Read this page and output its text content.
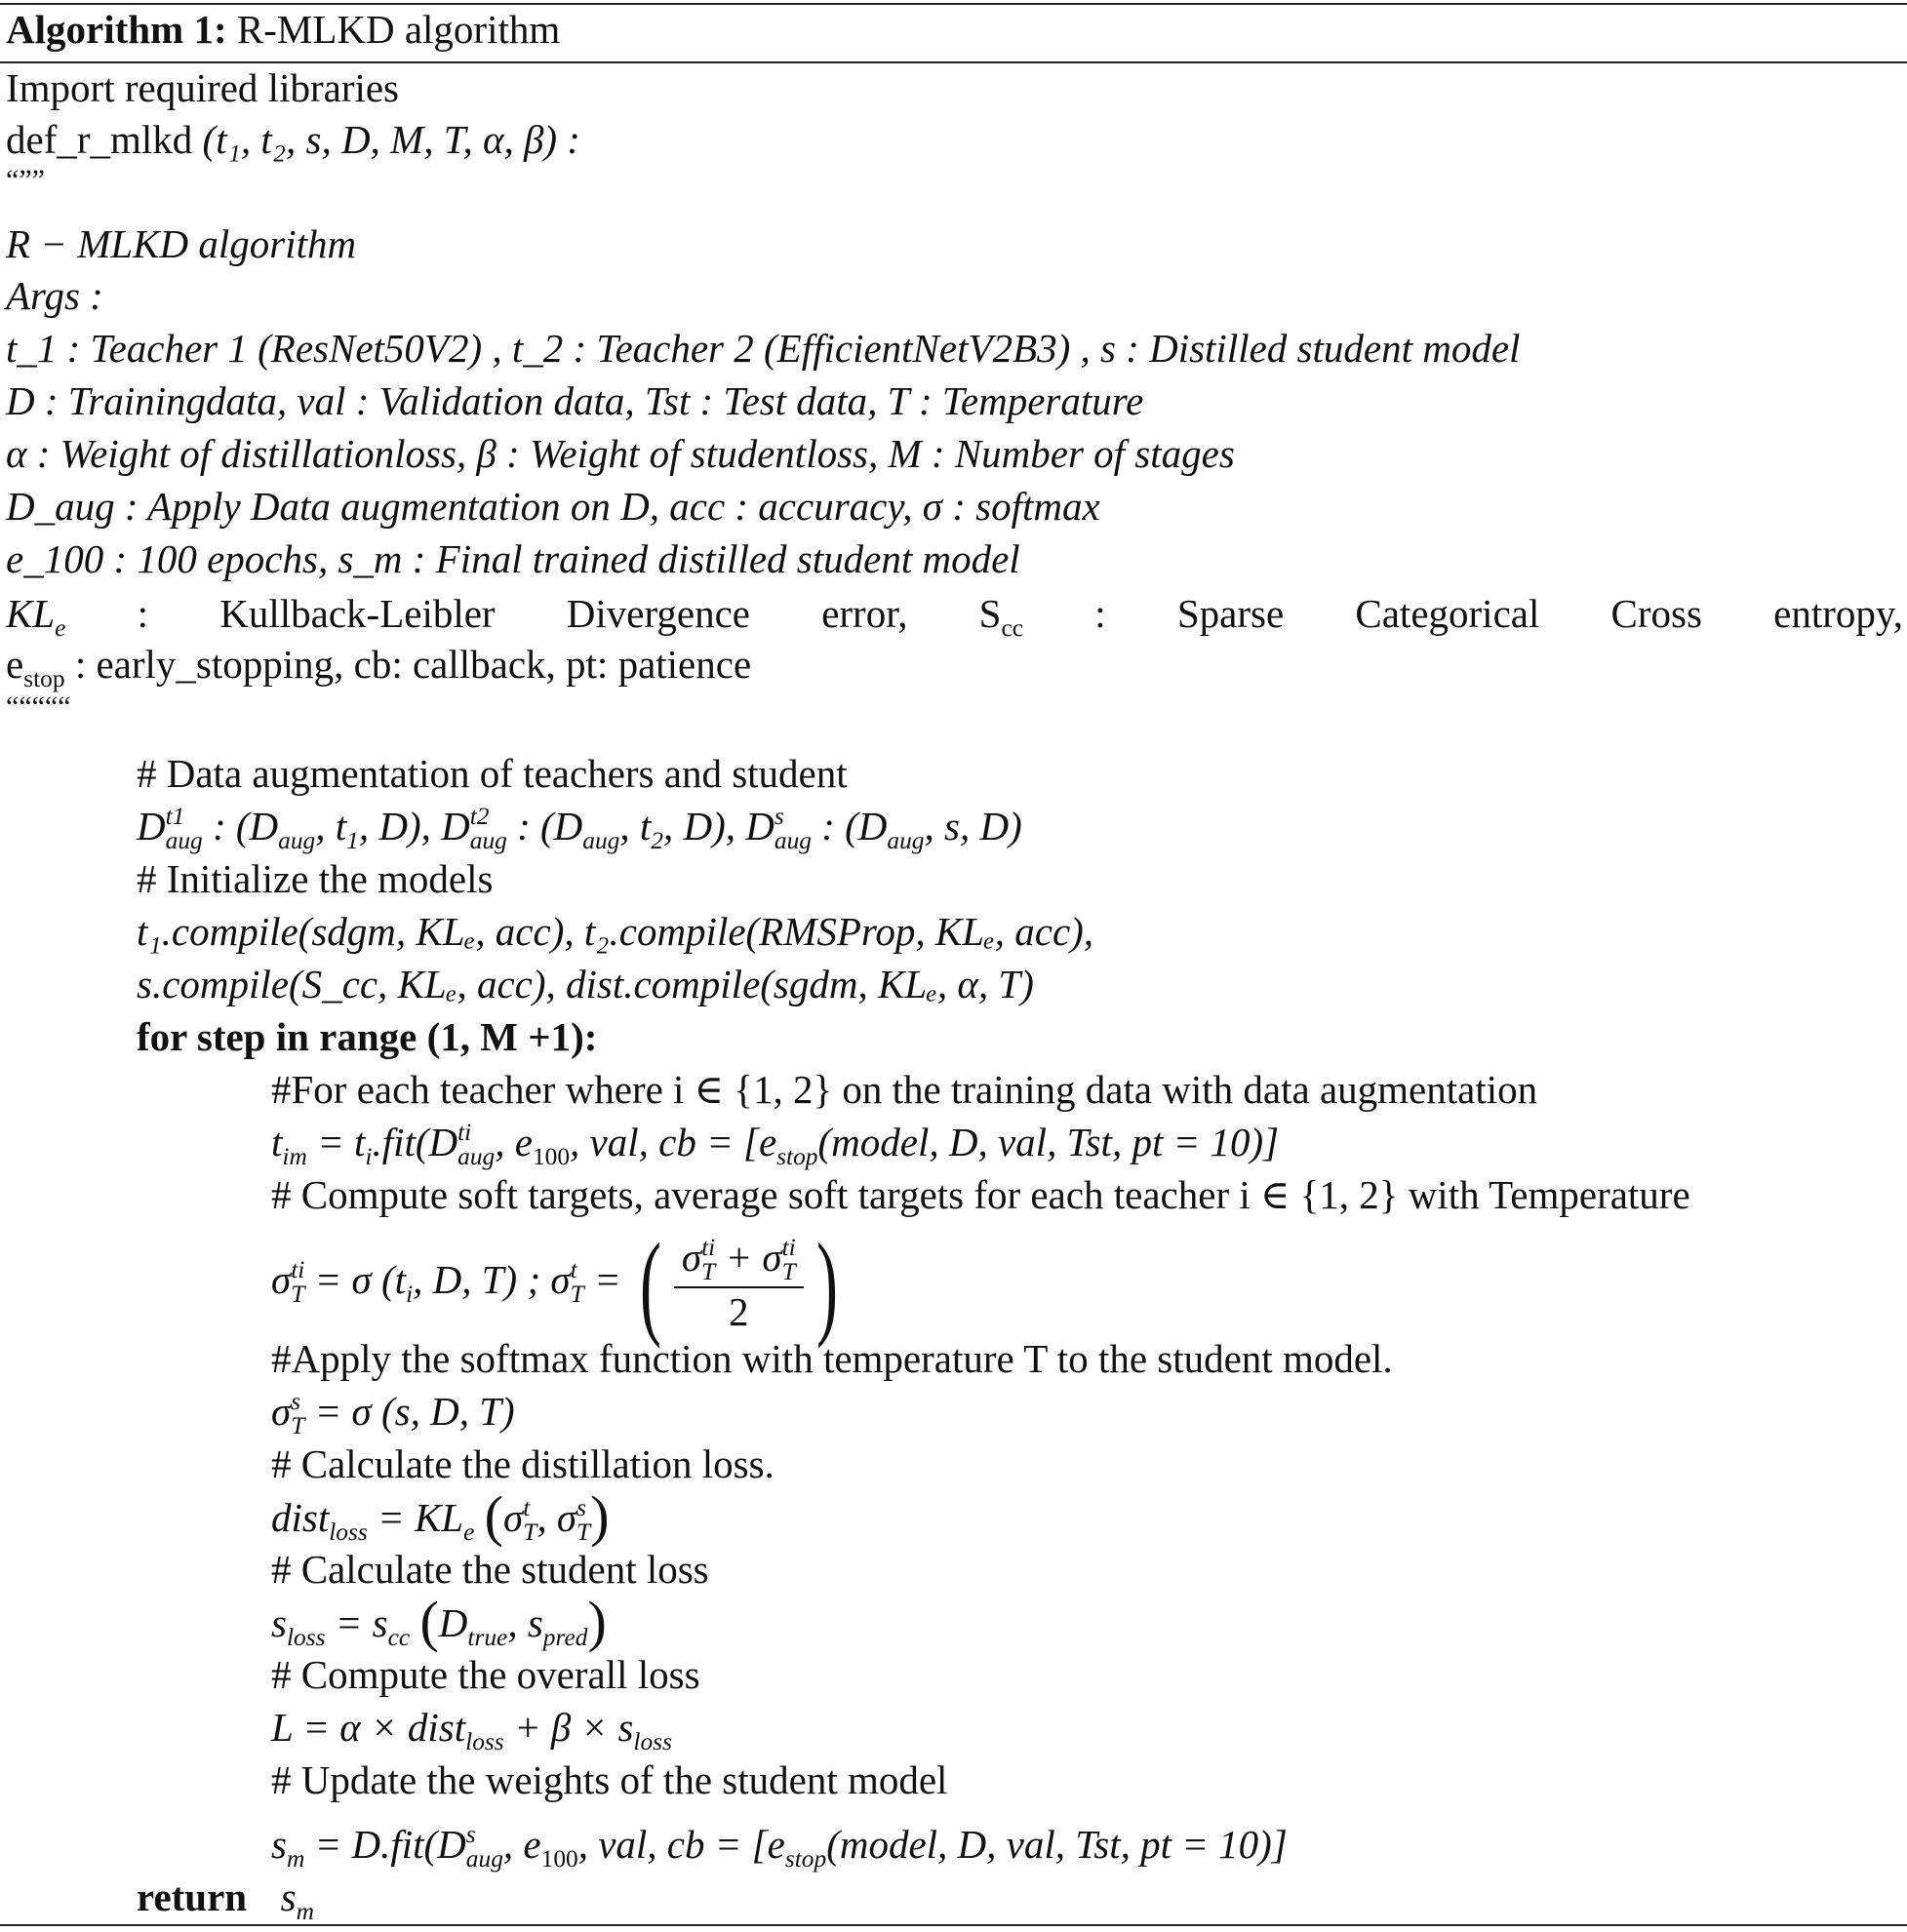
Algorithm 1: R-MLKD algorithm
Import required libraries
def_r_mlkd (t₁, t₂, s, D, M, T, α, β) :
“””
R − MLKD algorithm
Args :
t_1 : Teacher 1 (ResNet50V2) , t_2 : Teacher 2 (EfficientNetV2B3) , s : Distilled student model
D : Trainingdata, val : Validation data, Tst : Test data, T : Temperature
α : Weight of distillationloss, β : Weight of studentloss, M : Number of stages
D_aug : Apply Data augmentation on D, acc : accuracy, σ : softmax
e_100 : 100 epochs, s_m : Final trained distilled student model
$KL_e$ : Kullback-Leibler Divergence error, $S_{cc}$ : Sparse Categorical Cross entropy,
$e_{stop}$ : early_stopping, cb: callback, pt: patience
“““““
# Data augmentation of teachers and student
D t1
aug : ($D_{aug}$, $t_1$, D), D t2
aug : ($D_{aug}$, $t_2$, D), D s
aug : ($D_{aug}$, s, D)
# Initialize the models
t₁.compile(sdgm, KLₑ, acc), t₂.compile(RMSProp, KLₑ, acc),
s.compile(S_cc, KLₑ, acc), dist.compile(sgdm, KLₑ, α, T)
for step in range (1, M +1):
#For each teacher where i ∈ {1, 2} on the training data with data augmentation
$t_{im} = t_i.fit(D$ ti
aug , $e_{100}$, val, cb = [$e_{stop}(model$, D, val, Tst, pt = 10)]
# Compute soft targets, average soft targets for each teacher i ∈ {1, 2} with Temperature
σ ti
T = σ ($t_i$, D, T) ; σ t
T = ( σ ti
T + σ ti
T
2 )
#Apply the softmax function with temperature T to the student model.
σ s
T = σ (s, D, T)
# Calculate the distillation loss.
dist$_{loss}$ = $KL_e$ (σ t
T , σ s
T )
# Calculate the student loss
$s_{loss} = s_{cc}$ ($D_{true}$, $s_{pred}$)
# Compute the overall loss
L = α × dist$_{loss}$ + $\beta \times s_{loss}$
# Update the weights of the student model
$s_m = D.fit(D$ s
aug , $e_{100}$, val, cb = [$e_{stop}(model$, D, val, Tst, pt = 10)]
return $s_m$
